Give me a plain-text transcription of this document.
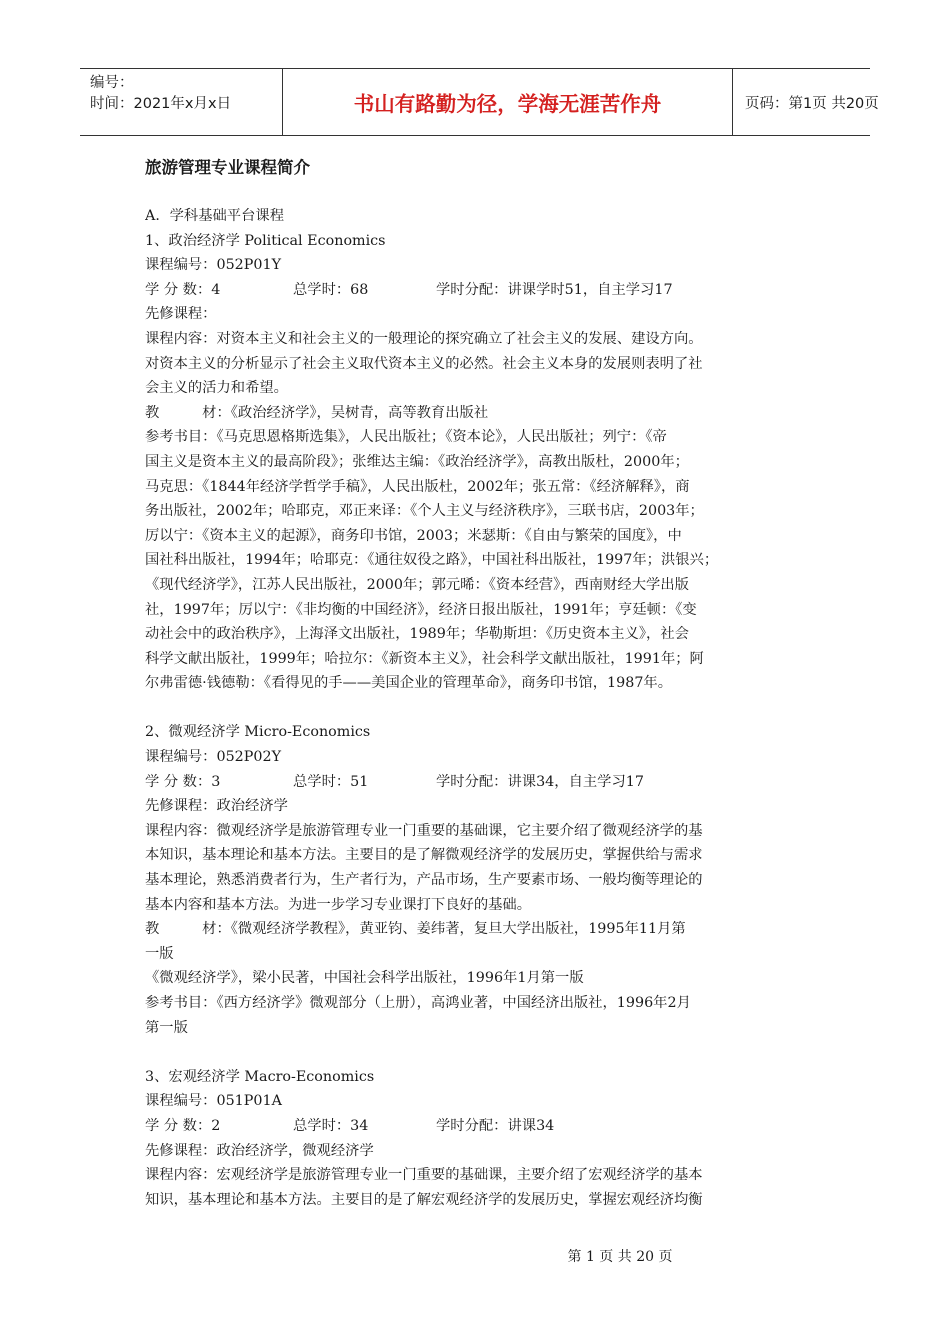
编号：
时间：2021年x月x日	书山有路勤为径，学海无涯苦作舟	页码：第1页 共20页
旅游管理专业课程简介
A．学科基础平台课程
1、政治经济学 Political Economics
课程编号：052P01Y
学 分 数：4	总学时：68	学时分配：讲课学时51，自主学习17
先修课程：
课程内容：对资本主义和社会主义的一般理论的探究确立了社会主义的发展、建设方向。
对资本主义的分析显示了社会主义取代资本主义的必然。社会主义本身的发展则表明了社
会主义的活力和希望。
教　　　材：《政治经济学》，吴树青，高等教育出版社
参考书目：《马克思恩格斯选集》，人民出版社；《资本论》，人民出版社；列宁：《帝
国主义是资本主义的最高阶段》；张维达主编：《政治经济学》，高教出版杜，2000年；
马克思：《1844年经济学哲学手稿》，人民出版杜，2002年；张五常：《经济解释》，商
务出版社，2002年；哈耶克，邓正来译：《个人主义与经济秩序》，三联书店，2003年；
厉以宁：《资本主义的起源》，商务印书馆，2003；米瑟斯：《自由与繁荣的国度》，中
国社科出版社，1994年；哈耶克：《通往奴役之路》，中国社科出版社，1997年；洪银兴；
《现代经济学》，江苏人民出版社，2000年；郭元晞：《资本经营》，西南财经大学出版
社，1997年；厉以宁：《非均衡的中国经济》，经济日报出版社，1991年；亨廷顿：《变
动社会中的政治秩序》，上海泽文出版社，1989年；华勒斯坦：《历史资本主义》，社会
科学文献出版社，1999年；哈拉尔：《新资本主义》，社会科学文献出版社，1991年；阿
尔弗雷德·钱德勒：《看得见的手——美国企业的管理革命》，商务印书馆，1987年。
2、微观经济学 Micro-Economics
课程编号：052P02Y
学 分 数：3	总学时：51	学时分配：讲课34，自主学习17
先修课程：政治经济学
课程内容：微观经济学是旅游管理专业一门重要的基础课，它主要介绍了微观经济学的基
本知识，基本理论和基本方法。主要目的是了解微观经济学的发展历史，掌握供给与需求
基本理论，熟悉消费者行为，生产者行为，产品市场，生产要素市场、一般均衡等理论的
基本内容和基本方法。为进一步学习专业课打下良好的基础。
教　　　材：《微观经济学教程》，黄亚钧、姜纬著，复旦大学出版社，1995年11月第
一版
《微观经济学》，梁小民著，中国社会科学出版社，1996年1月第一版
参考书目：《西方经济学》微观部分（上册），高鸿业著，中国经济出版社，1996年2月
第一版
3、宏观经济学 Macro-Economics
课程编号：051P01A
学 分 数：2	总学时：34	学时分配：讲课34
先修课程：政治经济学，微观经济学
课程内容：宏观经济学是旅游管理专业一门重要的基础课，主要介绍了宏观经济学的基本
知识，基本理论和基本方法。主要目的是了解宏观经济学的发展历史，掌握宏观经济均衡
第 1 页 共 20 页
